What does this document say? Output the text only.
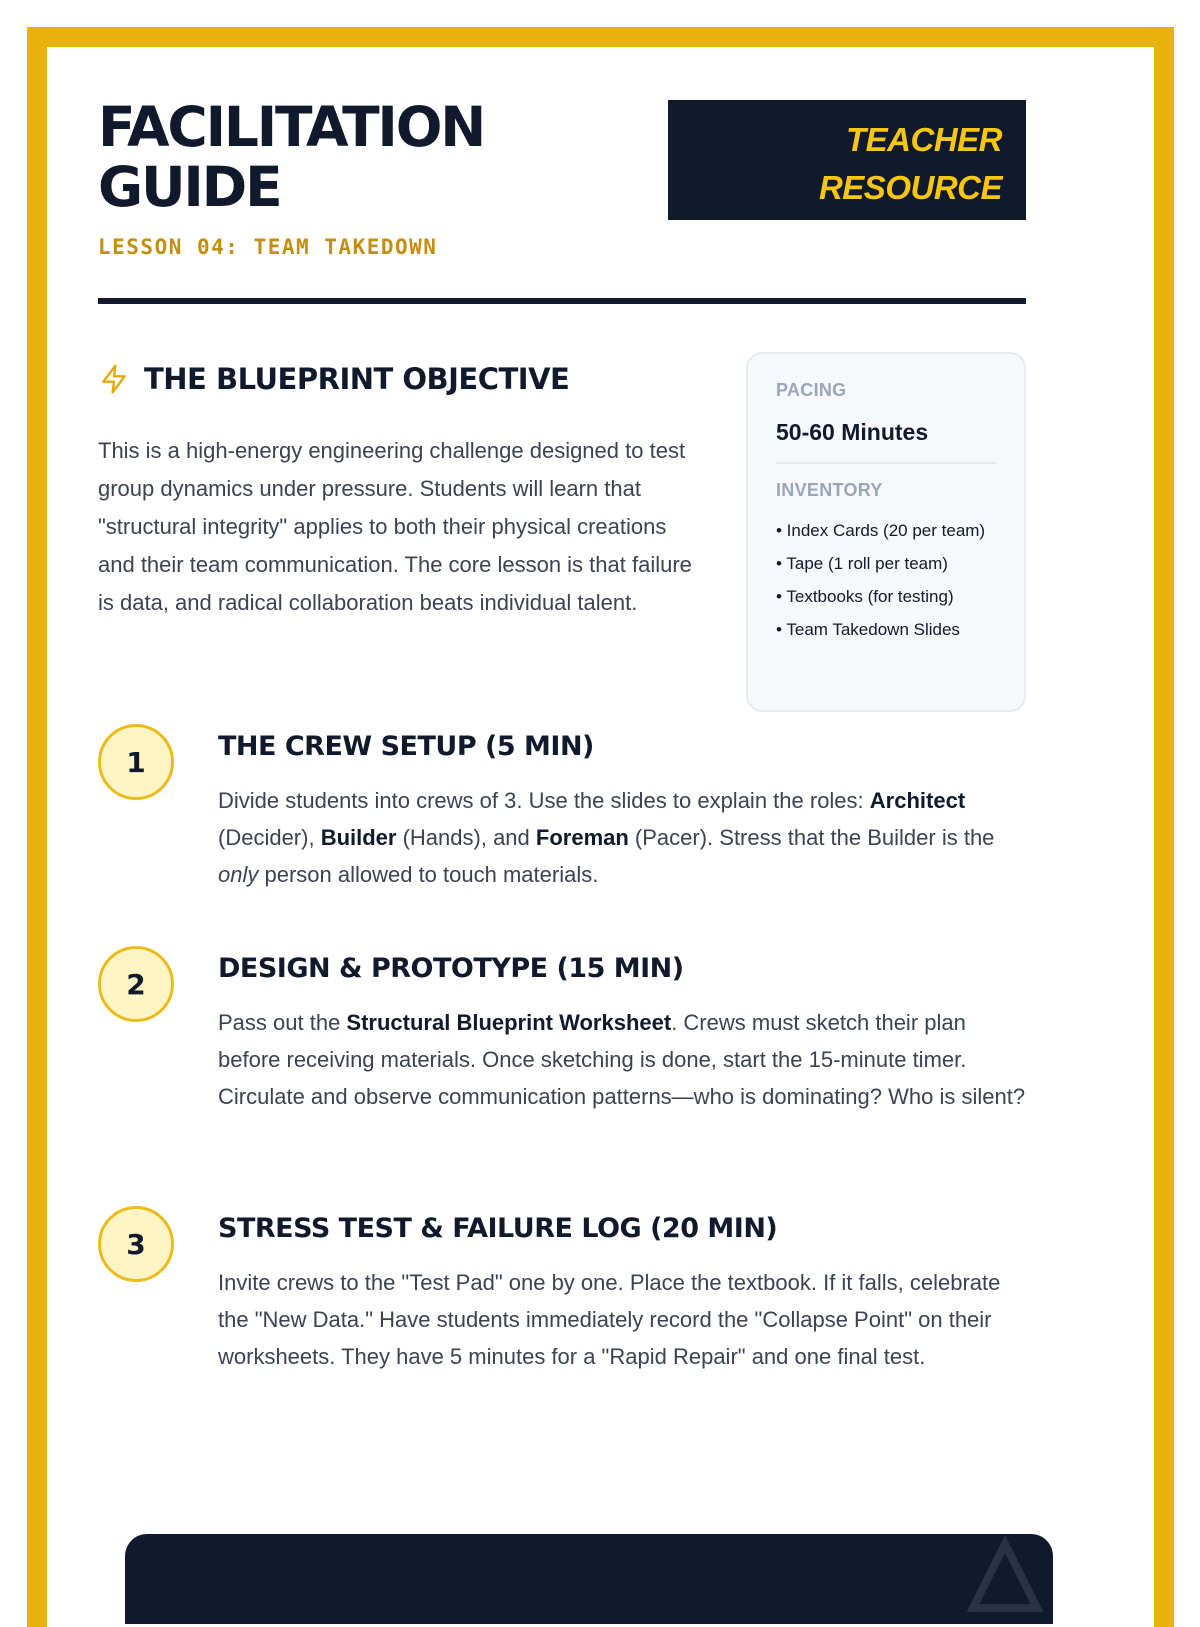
FACILITATION
GUIDE
LESSON 04: TEAM TAKEDOWN
TEACHER
RESOURCE
THE BLUEPRINT OBJECTIVE

This is a high-energy engineering challenge designed to test group dynamics under pressure. Students will learn that "structural integrity" applies to both their physical creations and their team communication. The core lesson is that failure is data, and radical collaboration beats individual talent.

PACING
50-60 Minutes
INVENTORY
• Index Cards (20 per team)
• Tape (1 roll per team)
• Textbooks (for testing)
• Team Takedown Slides
1	THE CREW SETUP (5 MIN)

Divide students into crews of 3. Use the slides to explain the roles: Architect (Decider), Builder (Hands), and Foreman (Pacer). Stress that the Builder is the only person allowed to touch materials.

2	DESIGN & PROTOTYPE (15 MIN)

Pass out the Structural Blueprint Worksheet. Crews must sketch their plan before receiving materials. Once sketching is done, start the 15-minute timer. Circulate and observe communication patterns—who is dominating? Who is silent?

3	STRESS TEST & FAILURE LOG (20 MIN)

Invite crews to the "Test Pad" one by one. Place the textbook. If it falls, celebrate the "New Data." Have students immediately record the "Collapse Point" on their worksheets. They have 5 minutes for a "Rapid Repair" and one final test.
